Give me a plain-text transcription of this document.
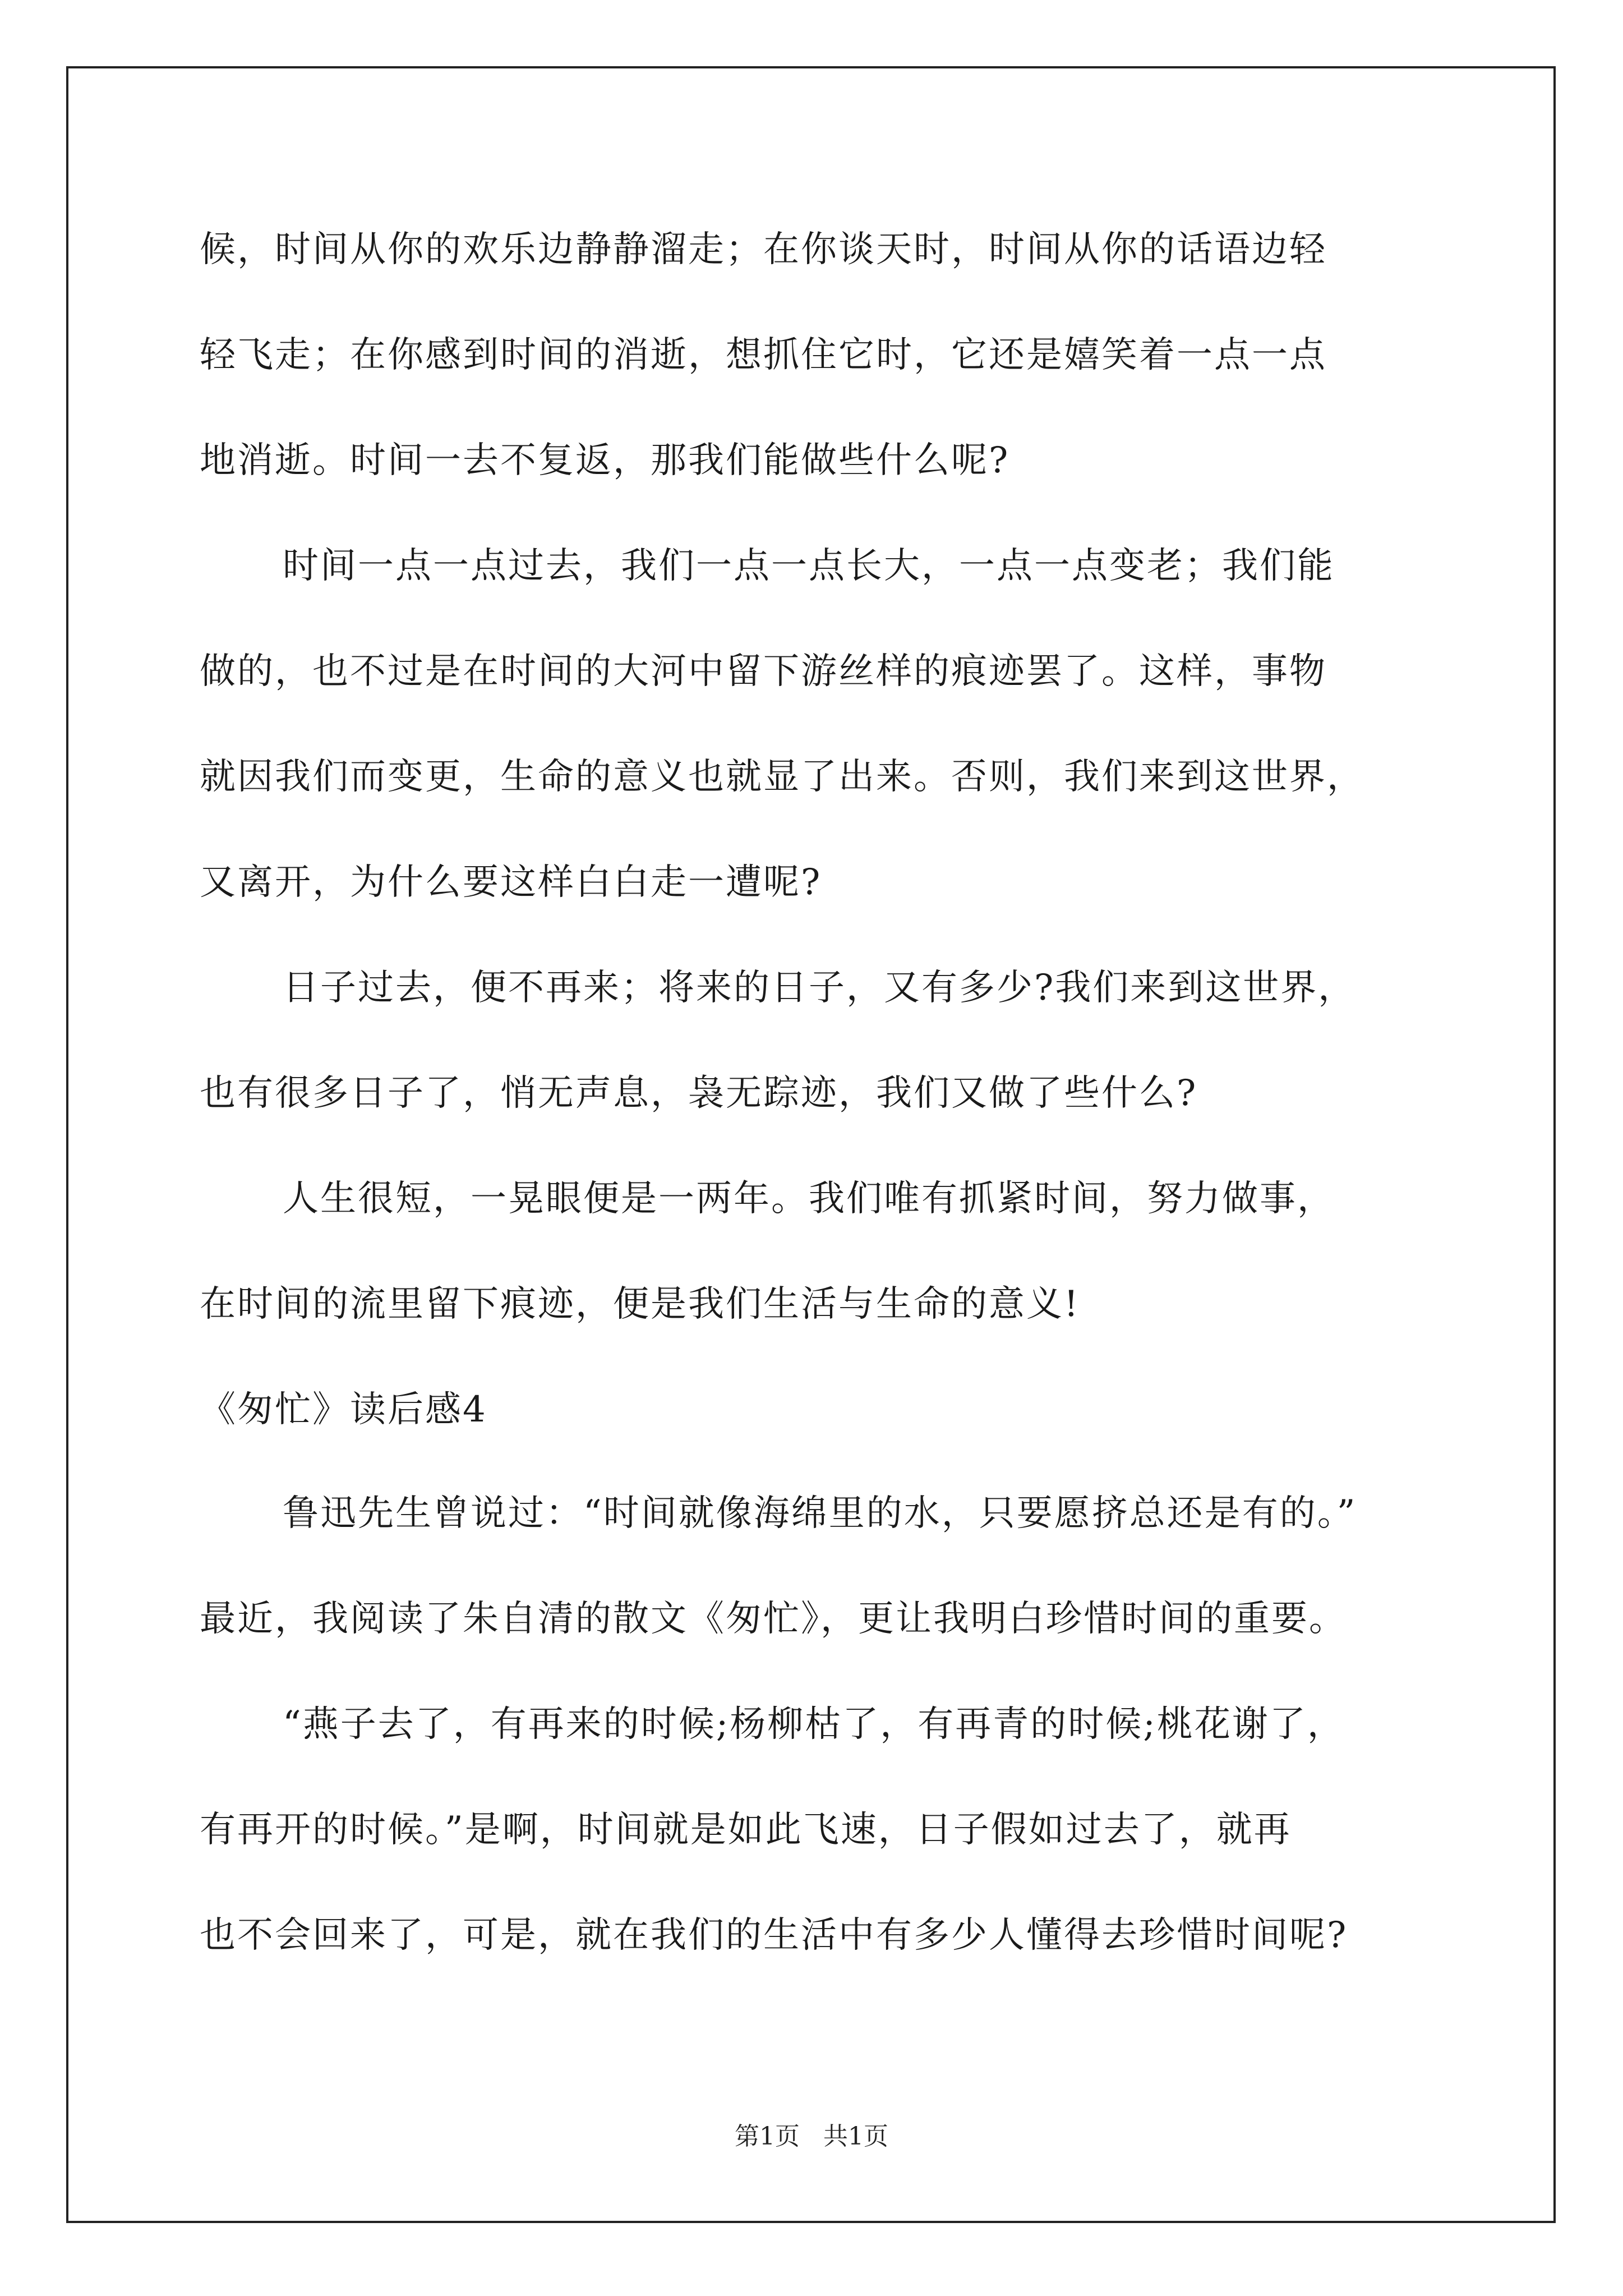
候，时间从你的欢乐边静静溜走；在你谈天时，时间从你的话语边轻
轻飞走；在你感到时间的消逝，想抓住它时，它还是嬉笑着一点一点
地消逝。时间一去不复返，那我们能做些什么呢?
时间一点一点过去，我们一点一点长大，一点一点变老；我们能
做的，也不过是在时间的大河中留下游丝样的痕迹罢了。这样，事物
就因我们而变更，生命的意义也就显了出来。否则，我们来到这世界，
又离开，为什么要这样白白走一遭呢?
日子过去，便不再来；将来的日子，又有多少?我们来到这世界，
也有很多日子了，悄无声息，袅无踪迹，我们又做了些什么?
人生很短，一晃眼便是一两年。我们唯有抓紧时间，努力做事，
在时间的流里留下痕迹，便是我们生活与生命的意义!
《匆忙》读后感4
鲁迅先生曾说过：“时间就像海绵里的水，只要愿挤总还是有的。”
最近，我阅读了朱自清的散文《匆忙》，更让我明白珍惜时间的重要。
“燕子去了，有再来的时候;杨柳枯了，有再青的时候;桃花谢了，
有再开的时候。”是啊，时间就是如此飞速，日子假如过去了，就再
也不会回来了，可是，就在我们的生活中有多少人懂得去珍惜时间呢?
第1页   共1页
